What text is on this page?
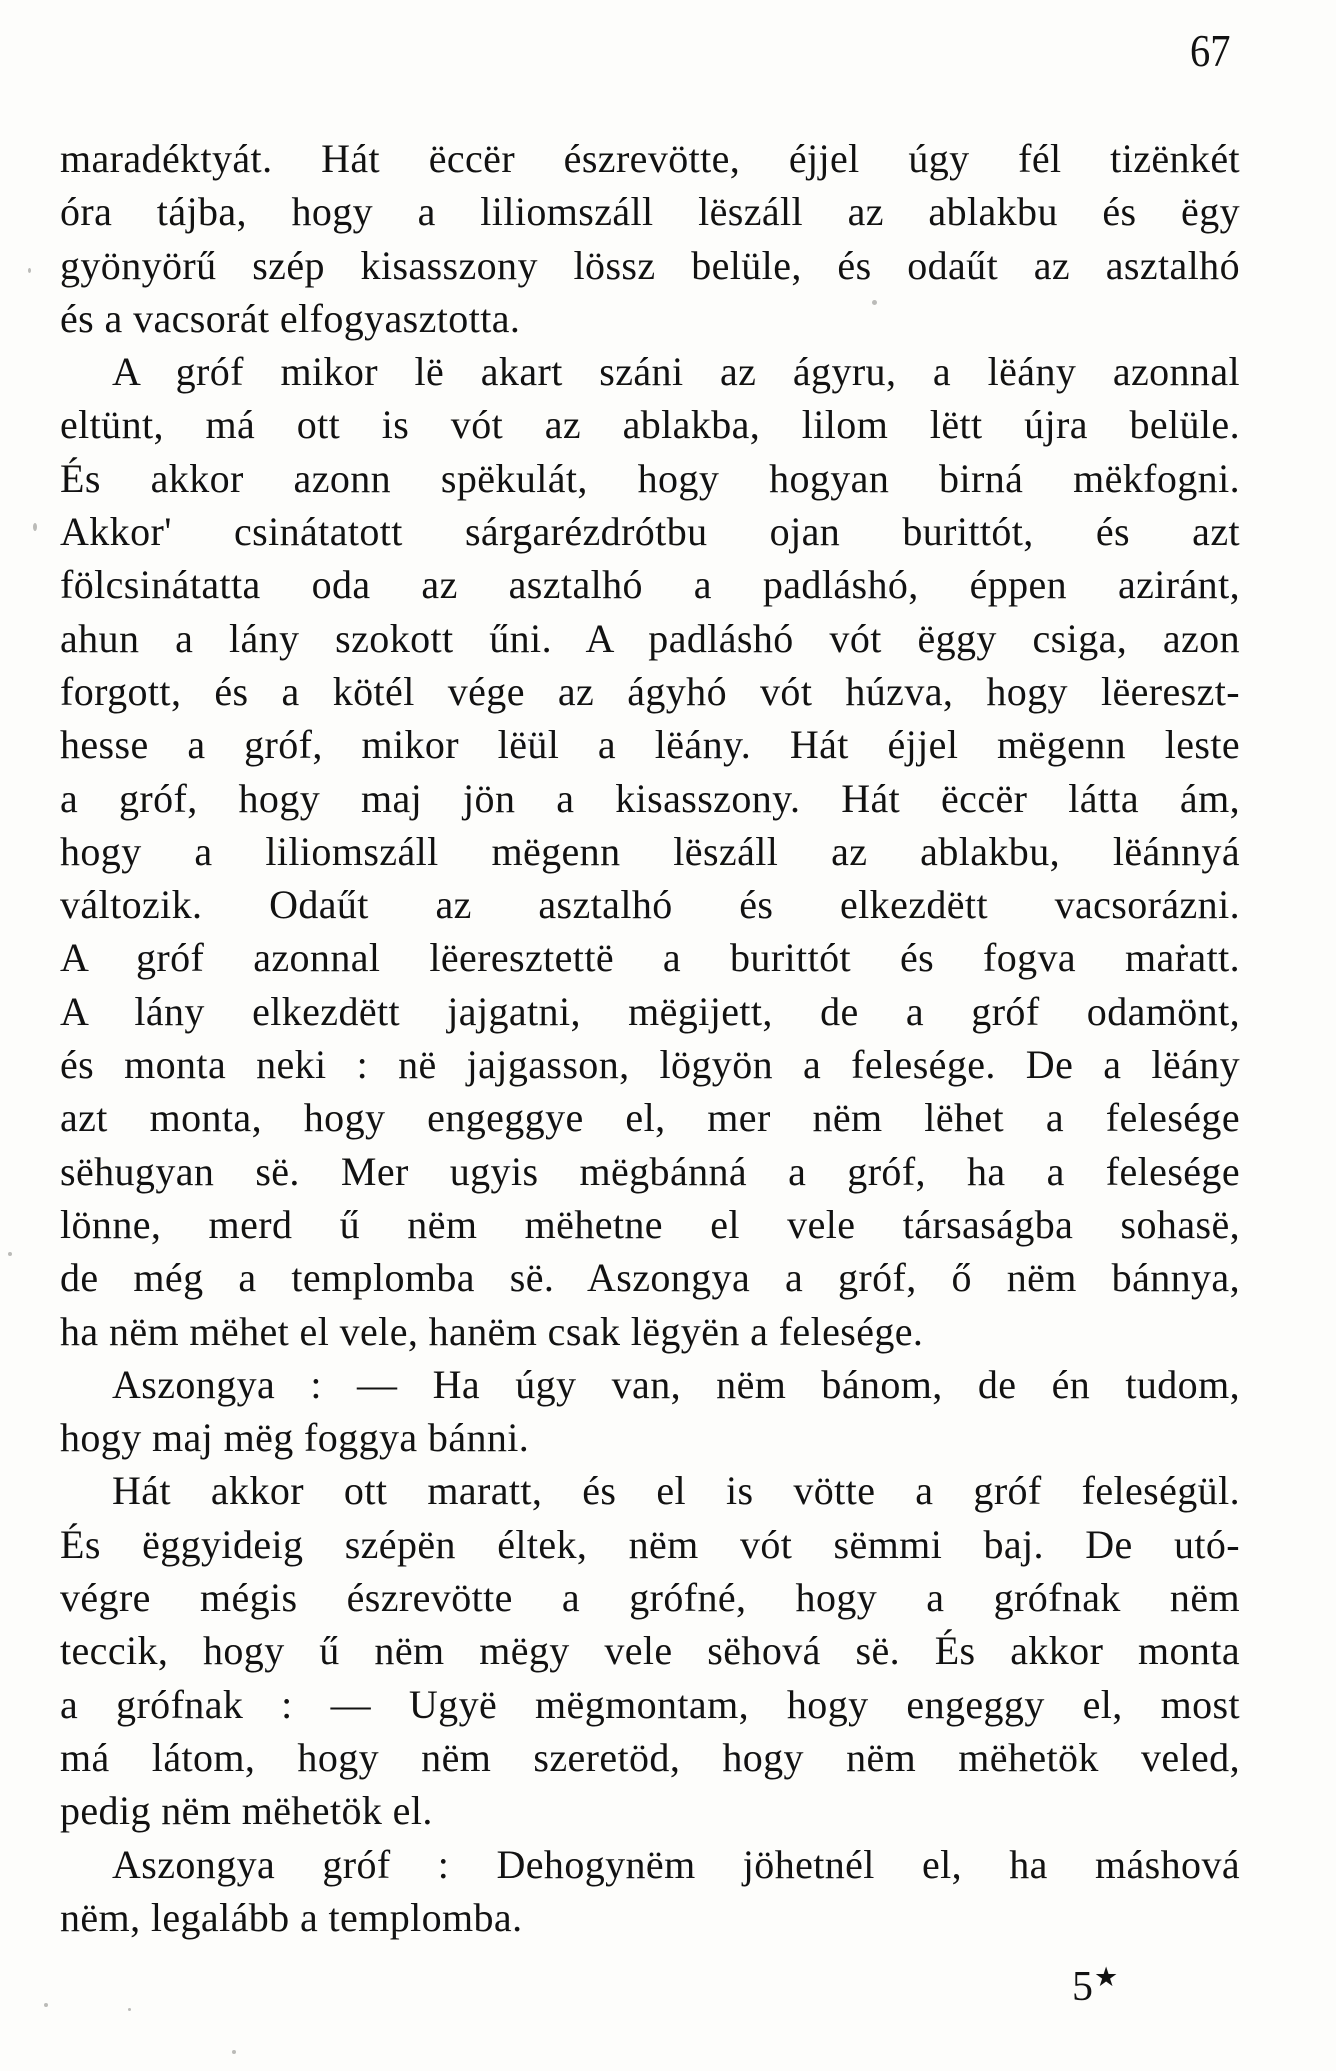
67
maradéktyát. Hát ëccër észrevötte, éjjel úgy fél tizënkét
óra tájba, hogy a liliomszáll lëszáll az ablakbu és ëgy
gyönyörű szép kisasszony lössz belüle, és odaűt az asztalhó
és a vacsorát elfogyasztotta.
A gróf mikor lë akart száni az ágyru, a lëány azonnal
eltünt, má ott is vót az ablakba, lilom lëtt újra belüle.
És akkor azonn spëkulát, hogy hogyan birná mëkfogni.
Akkor' csinátatott sárgarézdrótbu ojan burittót, és azt
fölcsinátatta oda az asztalhó a padláshó, éppen aziránt,
ahun a lány szokott űni. A padláshó vót ëggy csiga, azon
forgott, és a kötél vége az ágyhó vót húzva, hogy lëereszt-
hesse a gróf, mikor lëül a lëány. Hát éjjel mëgenn leste
a gróf, hogy maj jön a kisasszony. Hát ëccër látta ám,
hogy a liliomszáll mëgenn lëszáll az ablakbu, lëánnyá
változik. Odaűt az asztalhó és elkezdëtt vacsorázni.
A gróf azonnal lëeresztettë a burittót és fogva maṙatt.
A lány elkezdëtt jajgatni, mëgijett, de a gróf odamönt,
és monta neki : në jajgasson, lögyön a felesége. De a lëány
azt monta, hogy engeggye el, mer nëm lëhet a felesége
sëhugyan së. Mer ugyis mëgbánná a gróf, ha a felesége
lönne, merd ű nëm mëhetne el vele társaságba sohasë,
de még a templomba së. Aszongya a gróf, ő nëm bánnya,
ha nëm mëhet el vele, hanëm csak lëgyën a felesége.
Aszongya : — Ha úgy van, nëm bánom, de én tudom,
hogy maj mëg foggya bánni.
Hát akkor ott maratt, és el is vötte a gróf feleségül.
És ëggyideig szépën éltek, nëm vót sëmmi baj. De utó-
végre mégis észrevötte a grófné, hogy a grófnak nëm
teccik, hogy ű nëm mëgy vele sëhová së. És akkor monta
a grófnak : — Ugyë mëgmontam, hogy engeggy el, most
má látom, hogy nëm szeretöd, hogy nëm mëhetök veled,
pedig nëm mëhetök el.
Aszongya gróf : Dehogynëm jöhetnél el, ha máshová
nëm, legalább a templomba.
5★
